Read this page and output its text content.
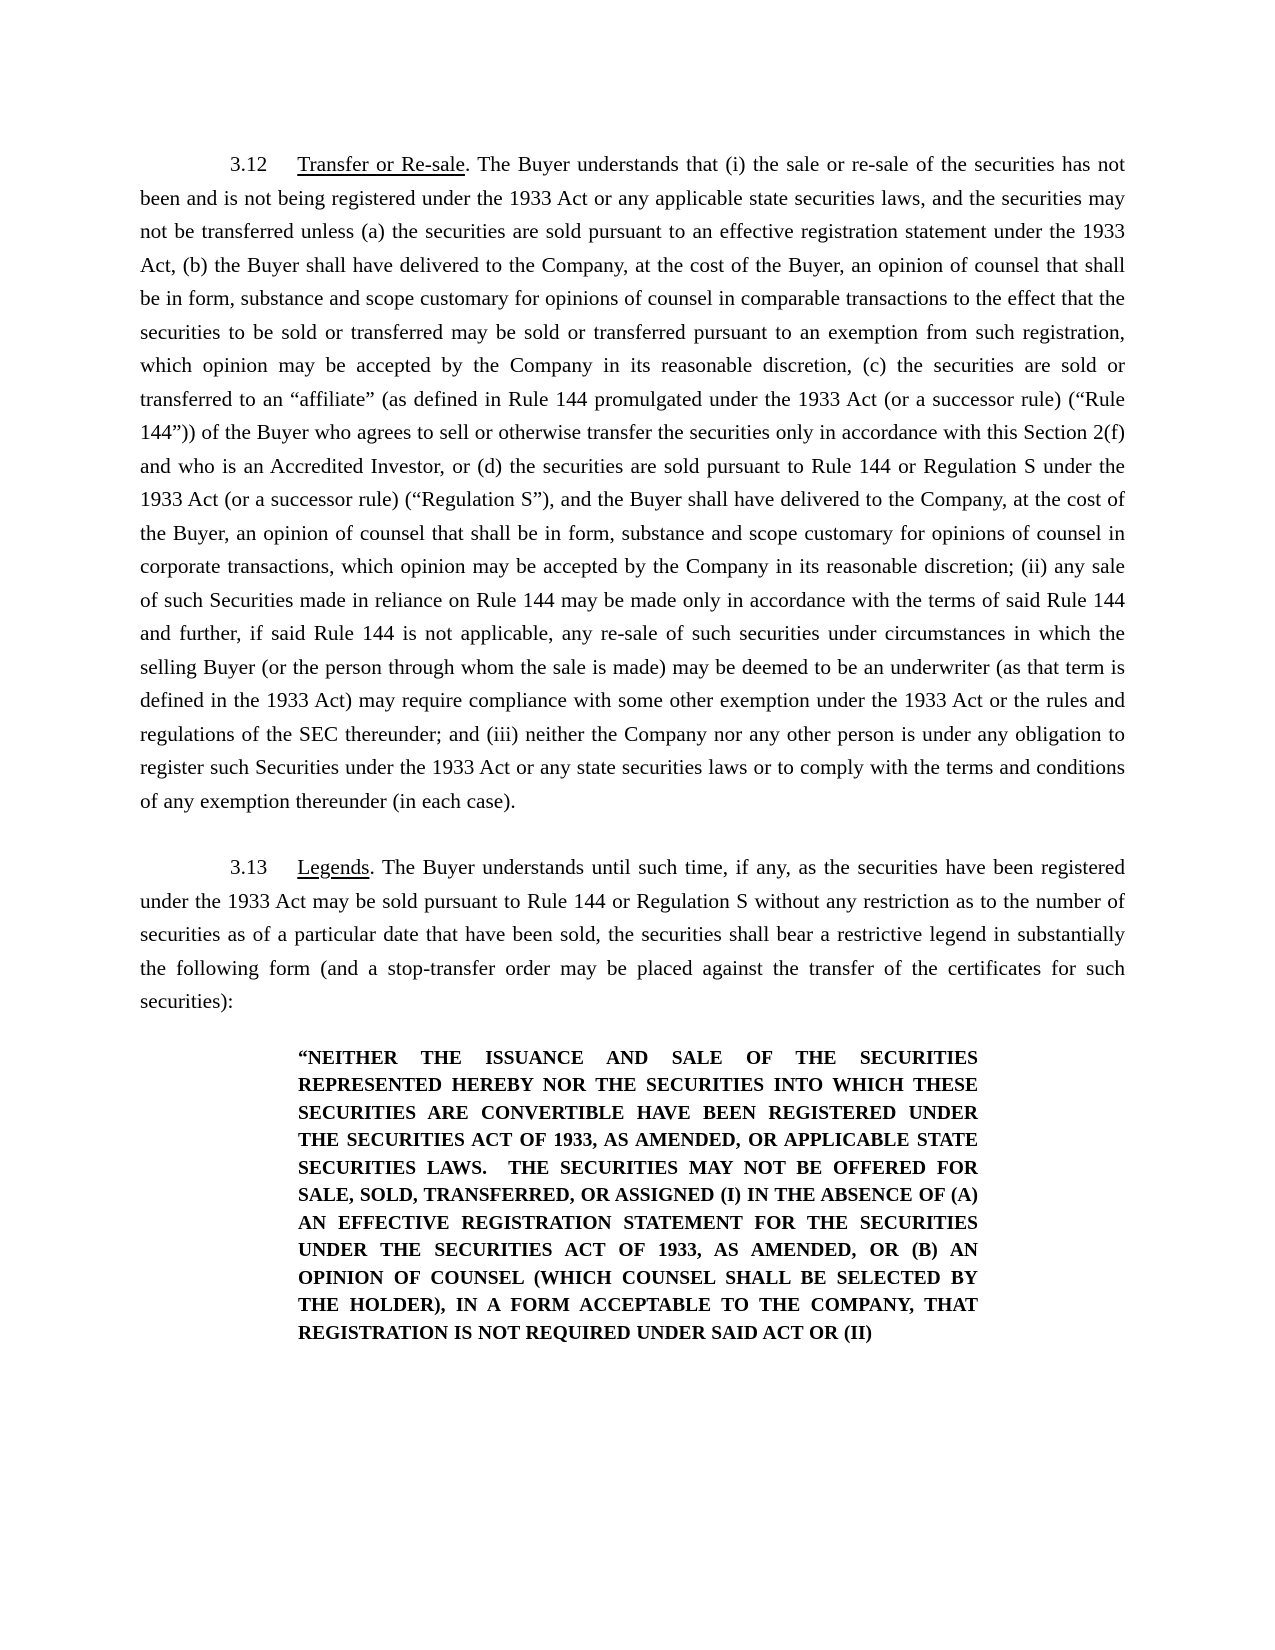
3.12 Transfer or Re-sale. The Buyer understands that (i) the sale or re-sale of the securities has not been and is not being registered under the 1933 Act or any applicable state securities laws, and the securities may not be transferred unless (a) the securities are sold pursuant to an effective registration statement under the 1933 Act, (b) the Buyer shall have delivered to the Company, at the cost of the Buyer, an opinion of counsel that shall be in form, substance and scope customary for opinions of counsel in comparable transactions to the effect that the securities to be sold or transferred may be sold or transferred pursuant to an exemption from such registration, which opinion may be accepted by the Company in its reasonable discretion, (c) the securities are sold or transferred to an “affiliate” (as defined in Rule 144 promulgated under the 1933 Act (or a successor rule) (“Rule 144”)) of the Buyer who agrees to sell or otherwise transfer the securities only in accordance with this Section 2(f) and who is an Accredited Investor, or (d) the securities are sold pursuant to Rule 144 or Regulation S under the 1933 Act (or a successor rule) (“Regulation S”), and the Buyer shall have delivered to the Company, at the cost of the Buyer, an opinion of counsel that shall be in form, substance and scope customary for opinions of counsel in corporate transactions, which opinion may be accepted by the Company in its reasonable discretion; (ii) any sale of such Securities made in reliance on Rule 144 may be made only in accordance with the terms of said Rule 144 and further, if said Rule 144 is not applicable, any re-sale of such securities under circumstances in which the selling Buyer (or the person through whom the sale is made) may be deemed to be an underwriter (as that term is defined in the 1933 Act) may require compliance with some other exemption under the 1933 Act or the rules and regulations of the SEC thereunder; and (iii) neither the Company nor any other person is under any obligation to register such Securities under the 1933 Act or any state securities laws or to comply with the terms and conditions of any exemption thereunder (in each case).

3.13 Legends. The Buyer understands until such time, if any, as the securities have been registered under the 1933 Act may be sold pursuant to Rule 144 or Regulation S without any restriction as to the number of securities as of a particular date that have been sold, the securities shall bear a restrictive legend in substantially the following form (and a stop-transfer order may be placed against the transfer of the certificates for such securities):

“NEITHER THE ISSUANCE AND SALE OF THE SECURITIES REPRESENTED HEREBY NOR THE SECURITIES INTO WHICH THESE SECURITIES ARE CONVERTIBLE HAVE BEEN REGISTERED UNDER THE SECURITIES ACT OF 1933, AS AMENDED, OR APPLICABLE STATE SECURITIES LAWS.  THE SECURITIES MAY NOT BE OFFERED FOR SALE, SOLD, TRANSFERRED, OR ASSIGNED (I) IN THE ABSENCE OF (A) AN EFFECTIVE REGISTRATION STATEMENT FOR THE SECURITIES UNDER THE SECURITIES ACT OF 1933, AS AMENDED, OR (B) AN OPINION OF COUNSEL (WHICH COUNSEL SHALL BE SELECTED BY THE HOLDER), IN A FORM ACCEPTABLE TO THE COMPANY, THAT REGISTRATION IS NOT REQUIRED UNDER SAID ACT OR (II)
